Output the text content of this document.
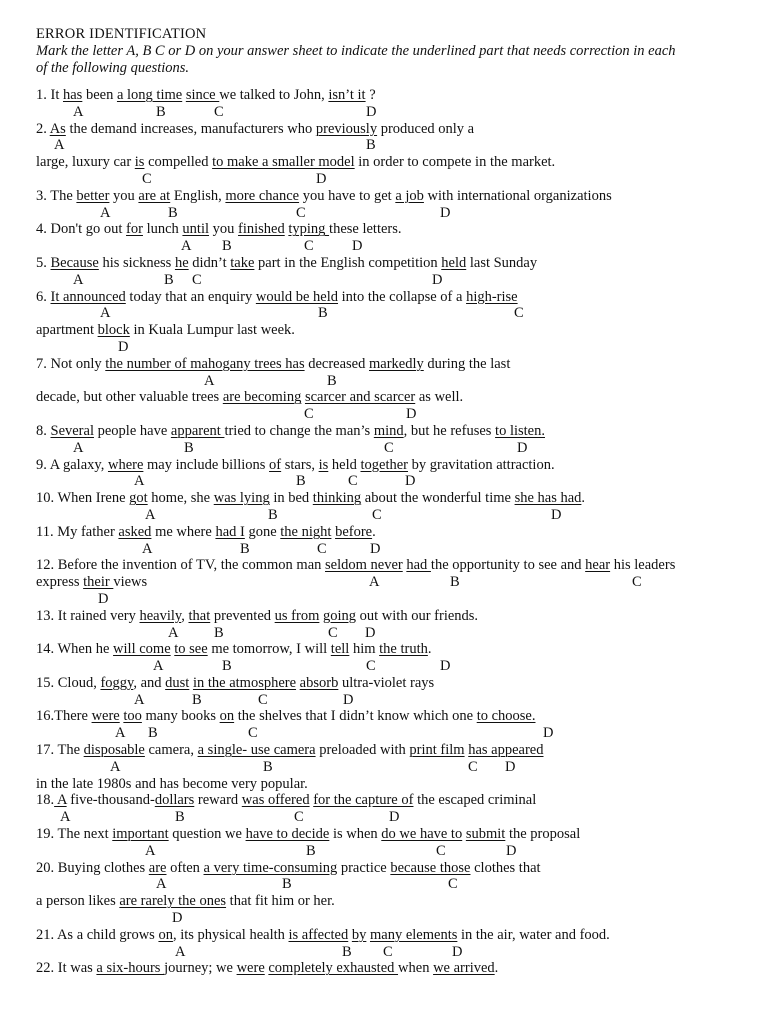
ERROR IDENTIFICATION
Mark the letter A, B C or D on your answer sheet to indicate the underlined part that needs correction in each
of the following questions.
1. It has been a long time since we talked to John, isn’t it ?
A	B	C	D
2. As the demand increases, manufacturers who previously produced only a
A	B
large, luxury car is compelled to make a smaller model in order to compete in the market.
C	D
3. The better you are at English, more chance you have to get a job with international organizations
A	B	C	D
4. Don't go out for lunch until you finished typing these letters.
A B	C	D
5. Because his sickness he didn’t take part in the English competition held last Sunday
A	B C	D
6. It announced today that an enquiry would be held into the collapse of a high-rise
A	B	C
apartment block in Kuala Lumpur last week.
D
7. Not only the number of mahogany trees has decreased markedly during the last
A	B
decade, but other valuable trees are becoming scarcer and scarcer as well.
C	D
8. Several people have apparent tried to change the man’s mind, but he refuses to listen.
A	B	C	D
9. A galaxy, where may include billions of stars, is held together by gravitation attraction.
A	B	C	D
10. When Irene got home, she was lying in bed thinking about the wonderful time she has had.
A	B	C	D
11. My father asked me where had I gone the night before.
A	B	C	D
12. Before the invention of TV, the common man seldom never had the opportunity to see and hear his leaders
express their views	A	B	C
D
13. It rained very heavily, that prevented us from going out with our friends.
A B	C D
14. When he will come to see me tomorrow, I will tell him the truth.
A	B	C	D
15. Cloud, foggy, and dust in the atmosphere absorb ultra-violet rays
A	B	C	D
16.There were too many books on the shelves that I didn’t know which one to choose.
A B	C	D
17. The disposable camera, a single- use camera preloaded with print film has appeared
A	B	C D
in the late 1980s and has become very popular.
18. A five-thousand-dollars reward was offered for the capture of the escaped criminal
A	B	C	D
19. The next important question we have to decide is when do we have to submit the proposal
A	B	C	D
20. Buying clothes are often a very time-consuming practice because those clothes that
A	B	C
a person likes are rarely the ones that fit him or her.
D
21. As a child grows on, its physical health is affected by many elements in the air, water and food.
A	B C	D
22. It was a six-hours journey; we were completely exhausted when we arrived.
